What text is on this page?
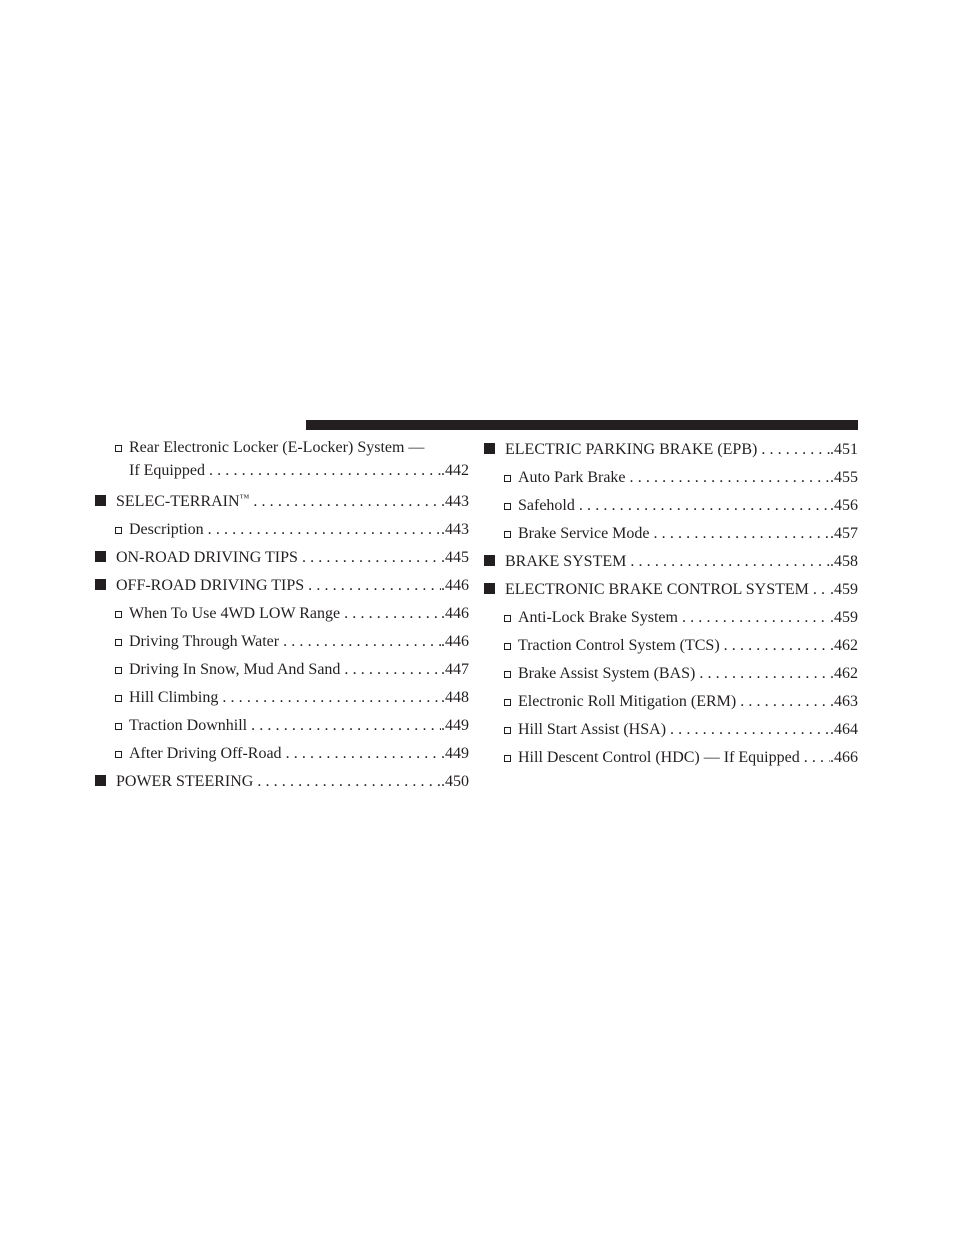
Rear Electronic Locker (E-Locker) System —
If Equipped .....	.442
SELEC-TERRAIN™ .....	.443
Description .....	.443
ON-ROAD DRIVING TIPS .....	.445
OFF-ROAD DRIVING TIPS .....	.446
When To Use 4WD LOW Range .....	.446
Driving Through Water .....	.446
Driving In Snow, Mud And Sand .....	.447
Hill Climbing .....	.448
Traction Downhill .....	.449
After Driving Off-Road .....	.449
POWER STEERING .....	.450
ELECTRIC PARKING BRAKE (EPB) .....	.451
Auto Park Brake .....	.455
Safehold .....	.456
Brake Service Mode .....	.457
BRAKE SYSTEM .....	.458
ELECTRONIC BRAKE CONTROL SYSTEM ..... .459
Anti-Lock Brake System .....	.459
Traction Control System (TCS) .....	.462
Brake Assist System (BAS) .....	.462
Electronic Roll Mitigation (ERM) .....	.463
Hill Start Assist (HSA) .....	.464
Hill Descent Control (HDC) — If Equipped ..... .466
